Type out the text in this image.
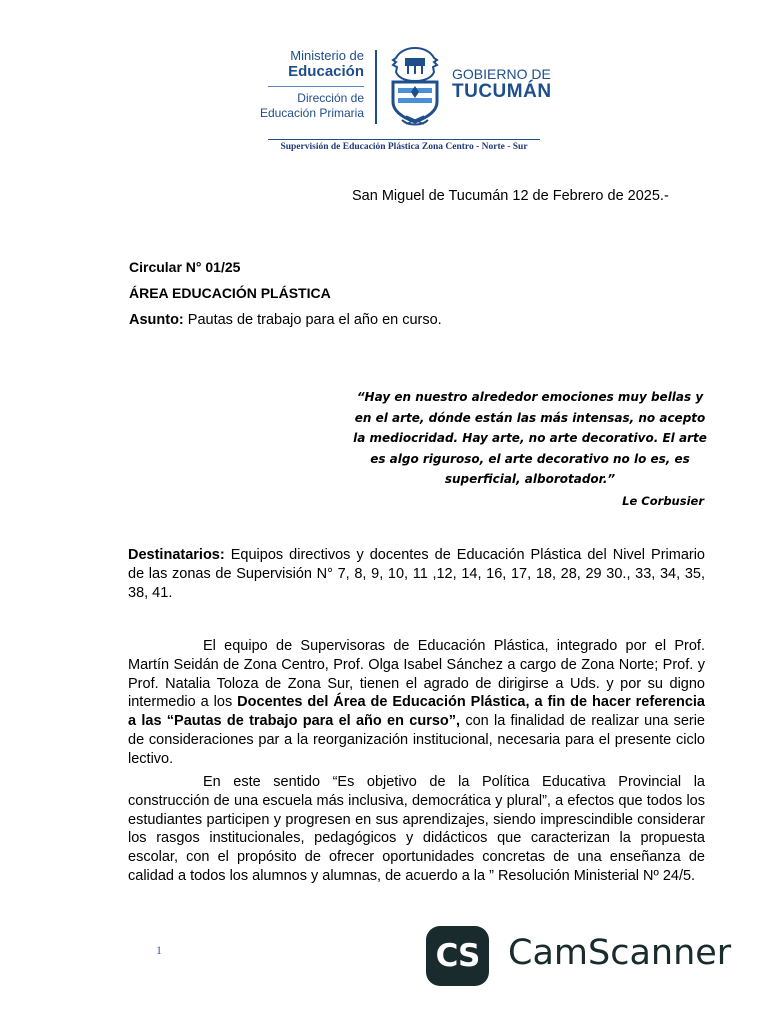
Ministerio de
Educación
Dirección de
Educación Primaria
GOBIERNO DE
TUCUMÁN
Supervisión de Educación Plástica Zona Centro - Norte - Sur
San Miguel de Tucumán 12 de Febrero de 2025.-
Circular N° 01/25
ÁREA EDUCACIÓN PLÁSTICA
Asunto: Pautas de trabajo para el año en curso.
“Hay en nuestro alrededor emociones muy bellas y en el arte, dónde están las más intensas, no acepto la mediocridad. Hay arte, no arte decorativo. El arte es algo riguroso, el arte decorativo no lo es, es superficial, alborotador.”
Le Corbusier
Destinatarios: Equipos directivos y docentes de Educación Plástica del Nivel Primario de las zonas de Supervisión N° 7, 8, 9, 10, 11 ,12, 14, 16, 17, 18, 28, 29 30., 33, 34, 35, 38, 41.
El equipo de Supervisoras de Educación Plástica, integrado por el Prof. Martín Seidán de Zona Centro, Prof. Olga Isabel Sánchez a cargo de Zona Norte; Prof. y Prof. Natalia Toloza de Zona Sur, tienen el agrado de dirigirse a Uds. y por su digno intermedio a los Docentes del Área de Educación Plástica, a fin de hacer referencia a las “Pautas de trabajo para el año en curso”, con la finalidad de realizar una serie de consideraciones par a la reorganización institucional, necesaria para el presente ciclo lectivo.
En este sentido “Es objetivo de la Política Educativa Provincial la construcción de una escuela más inclusiva, democrática y plural”, a efectos que todos los estudiantes participen y progresen en sus aprendizajes, siendo imprescindible considerar los rasgos institucionales, pedagógicos y didácticos que caracterizan la propuesta escolar, con el propósito de ofrecer oportunidades concretas de una enseñanza de calidad a todos los alumnos y alumnas, de acuerdo a la ” Resolución Ministerial Nº 24/5.
1	CS CamScanner
